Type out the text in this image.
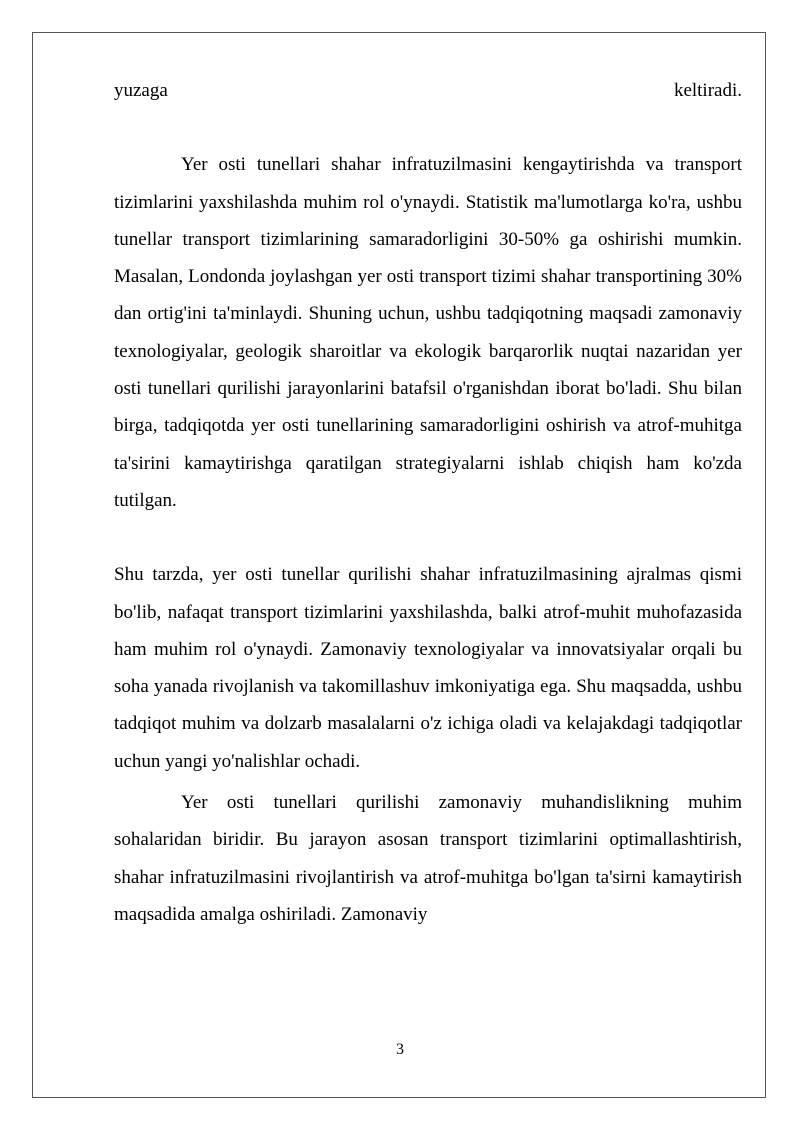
yuzaga keltiradi.

Yer osti tunellari shahar infratuzilmasini kengaytirishda va transport tizimlarini yaxshilashda muhim rol o'ynaydi. Statistik ma'lumotlarga ko'ra, ushbu tunellar transport tizimlarining samaradorligini 30-50% ga oshirishi mumkin. Masalan, Londonda joylashgan yer osti transport tizimi shahar transportining 30% dan ortig'ini ta'minlaydi. Shuning uchun, ushbu tadqiqotning maqsadi zamonaviy texnologiyalar, geologik sharoitlar va ekologik barqarorlik nuqtai nazaridan yer osti tunellari qurilishi jarayonlarini batafsil o'rganishdan iborat bo'ladi. Shu bilan birga, tadqiqotda yer osti tunellarining samaradorligini oshirish va atrof-muhitga ta'sirini kamaytirishga qaratilgan strategiyalarni ishlab chiqish ham ko'zda tutilgan.

Shu tarzda, yer osti tunellar qurilishi shahar infratuzilmasining ajralmas qismi bo'lib, nafaqat transport tizimlarini yaxshilashda, balki atrof-muhit muhofazasida ham muhim rol o'ynaydi. Zamonaviy texnologiyalar va innovatsiyalar orqali bu soha yanada rivojlanish va takomillashuv imkoniyatiga ega. Shu maqsadda, ushbu tadqiqot muhim va dolzarb masalalarni o'z ichiga oladi va kelajakdagi tadqiqotlar uchun yangi yo'nalishlar ochadi.

Yer osti tunellari qurilishi zamonaviy muhandislikning muhim sohalaridan biridir. Bu jarayon asosan transport tizimlarini optimallashtirish, shahar infratuzilmasini rivojlantirish va atrof-muhitga bo'lgan ta'sirni kamaytirish maqsadida amalga oshiriladi. Zamonaviy

3
